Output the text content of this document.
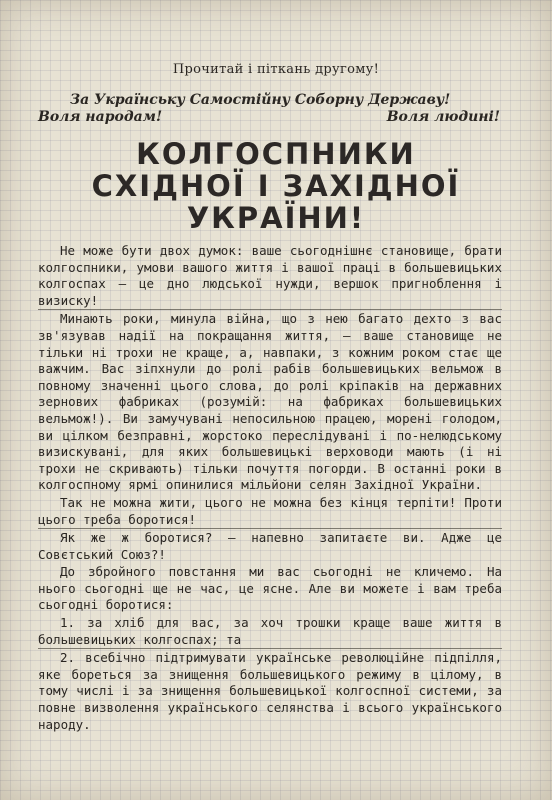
Прочитай і піткань другому!
За Українську Самостійну Соборну Державу!
Воля народам!	Воля людині!
КОЛГОСПНИКИ
СХІДНОЇ І ЗАХІДНОЇ
УКРАЇНИ!

Не може бути двох думок: ваше сьогоднішнє становище, брати колгоспники, умови вашого життя і вашої праці в большевицьких колгоспах — це дно людської нужди, вершок пригноблення і визиску!

Минають роки, минула війна, що з нею багато дехто з вас зв'язував надії на покращання життя, — ваше становище не тільки ні трохи не краще, а, навпаки, з кожним роком стає ще важчим. Вас зіпхнули до ролі рабів большевицьких вельмож в повному значенні цього слова, до ролі кріпаків на державних зернових фабриках (розумій: на фабриках большевицьких вельмож!). Ви замучувані непосильною працею, морені голодом, ви цілком безправні, жорстоко переслідувані і по-нелюдському визискувані, для яких большевицькі верховоди мають (і ні трохи не скривають) тільки почуття погорди. В останні роки в колгоспному ярмі опинилися мільйони селян Західної України.

Так не можна жити, цього не можна без кінця терпіти! Проти цього треба боротися!

Як же ж боротися? — напевно запитаєте ви. Адже це Совєтський Союз?!

До збройного повстання ми вас сьогодні не кличемо. На нього сьогодні ще не час, це ясне. Але ви можете і вам треба сьогодні боротися:

1. за хліб для вас, за хоч трошки краще ваше життя в большевицьких колгоспах; та

2. всебічно підтримувати українське революційне підпілля, яке бореться за знищення большевицького режиму в цілому, в тому числі і за знищення большевицької колгоспної системи, за повне визволення українського селянства і всього українського народу.
